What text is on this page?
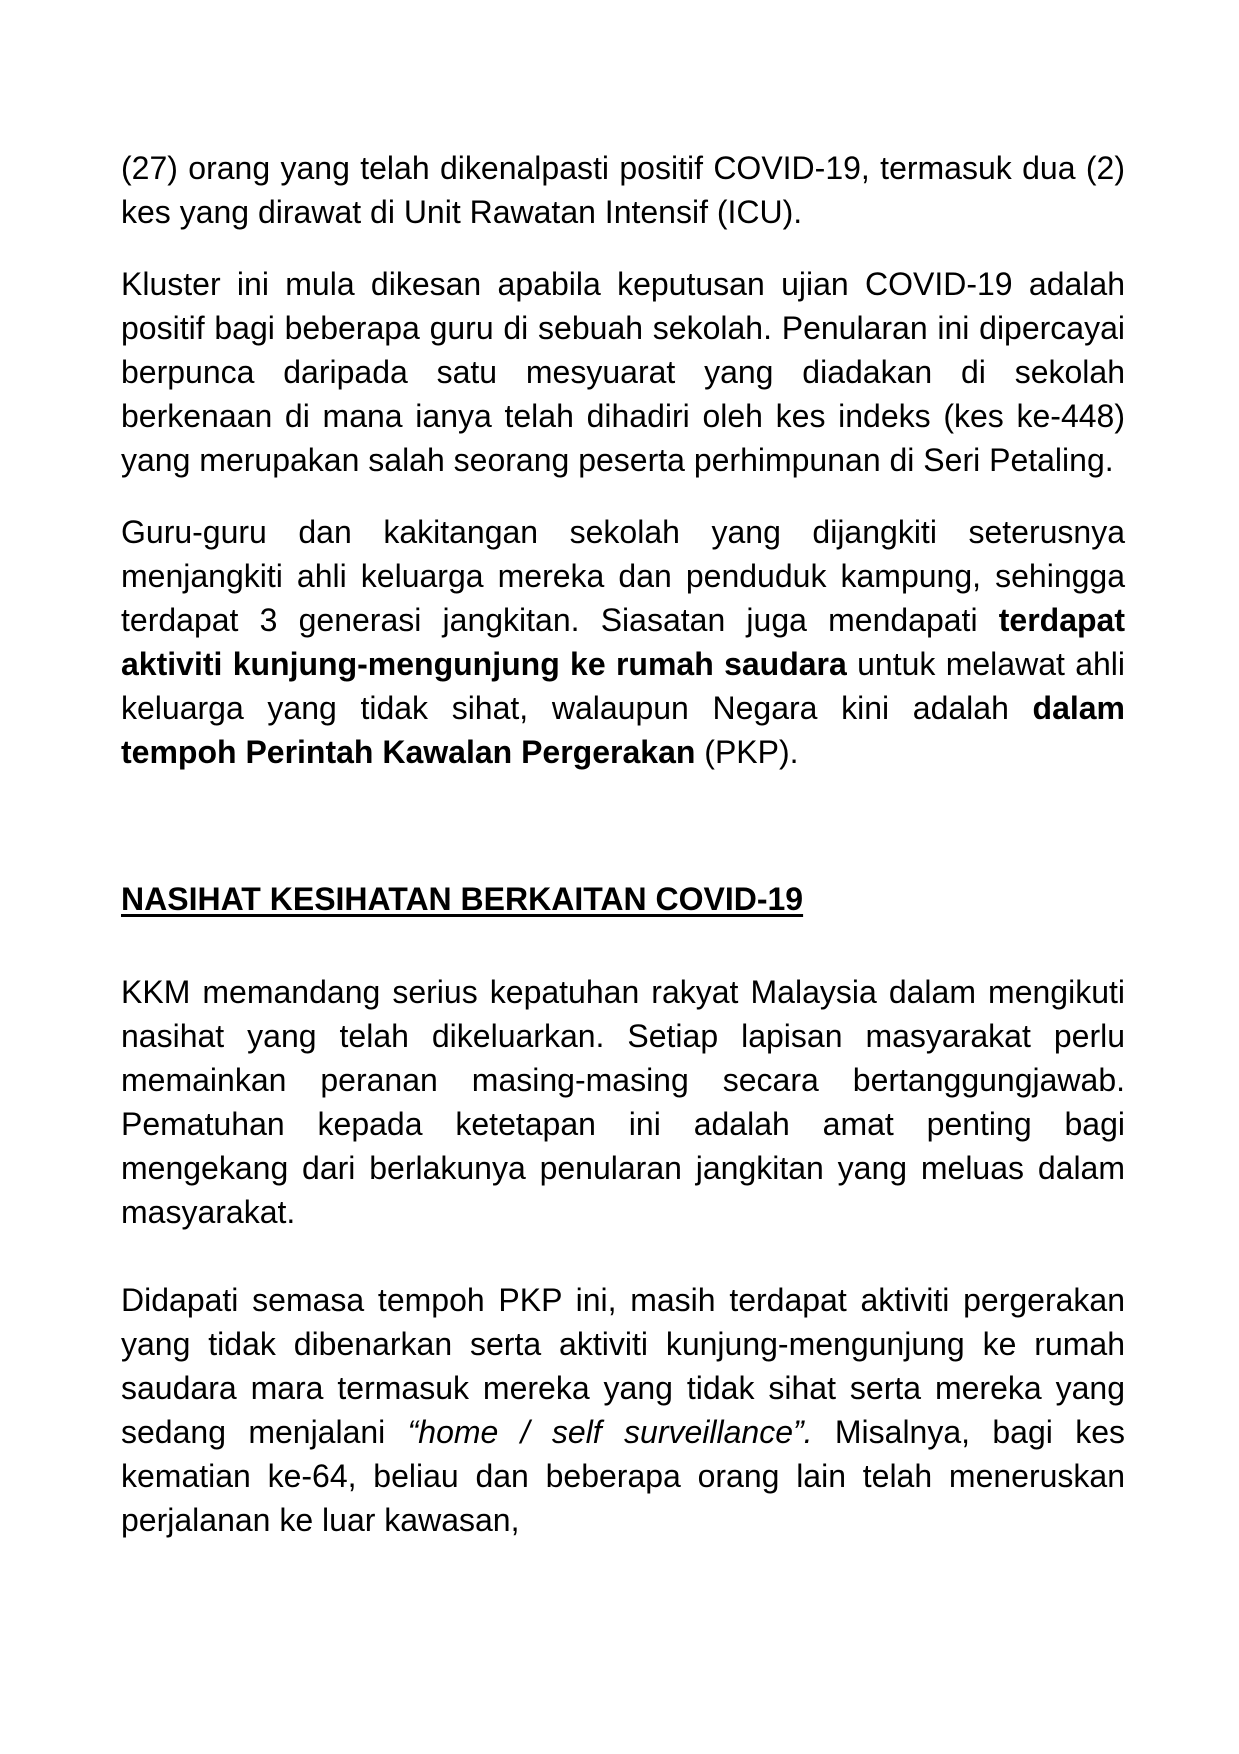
(27) orang yang telah dikenalpasti positif COVID-19, termasuk dua (2) kes yang dirawat di Unit Rawatan Intensif (ICU).

Kluster ini mula dikesan apabila keputusan ujian COVID-19 adalah positif bagi beberapa guru di sebuah sekolah. Penularan ini dipercayai berpunca daripada satu mesyuarat yang diadakan di sekolah berkenaan di mana ianya telah dihadiri oleh kes indeks (kes ke-448) yang merupakan salah seorang peserta perhimpunan di Seri Petaling.

Guru-guru dan kakitangan sekolah yang dijangkiti seterusnya menjangkiti ahli keluarga mereka dan penduduk kampung, sehingga terdapat 3 generasi jangkitan. Siasatan juga mendapati terdapat aktiviti kunjung-mengunjung ke rumah saudara untuk melawat ahli keluarga yang tidak sihat, walaupun Negara kini adalah dalam tempoh Perintah Kawalan Pergerakan (PKP).

NASIHAT KESIHATAN BERKAITAN COVID-19

KKM memandang serius kepatuhan rakyat Malaysia dalam mengikuti nasihat yang telah dikeluarkan. Setiap lapisan masyarakat perlu memainkan peranan masing-masing secara bertanggungjawab. Pematuhan kepada ketetapan ini adalah amat penting bagi mengekang dari berlakunya penularan jangkitan yang meluas dalam masyarakat.

Didapati semasa tempoh PKP ini, masih terdapat aktiviti pergerakan yang tidak dibenarkan serta aktiviti kunjung-mengunjung ke rumah saudara mara termasuk mereka yang tidak sihat serta mereka yang sedang menjalani “home / self surveillance”. Misalnya, bagi kes kematian ke-64, beliau dan beberapa orang lain telah meneruskan perjalanan ke luar kawasan,
